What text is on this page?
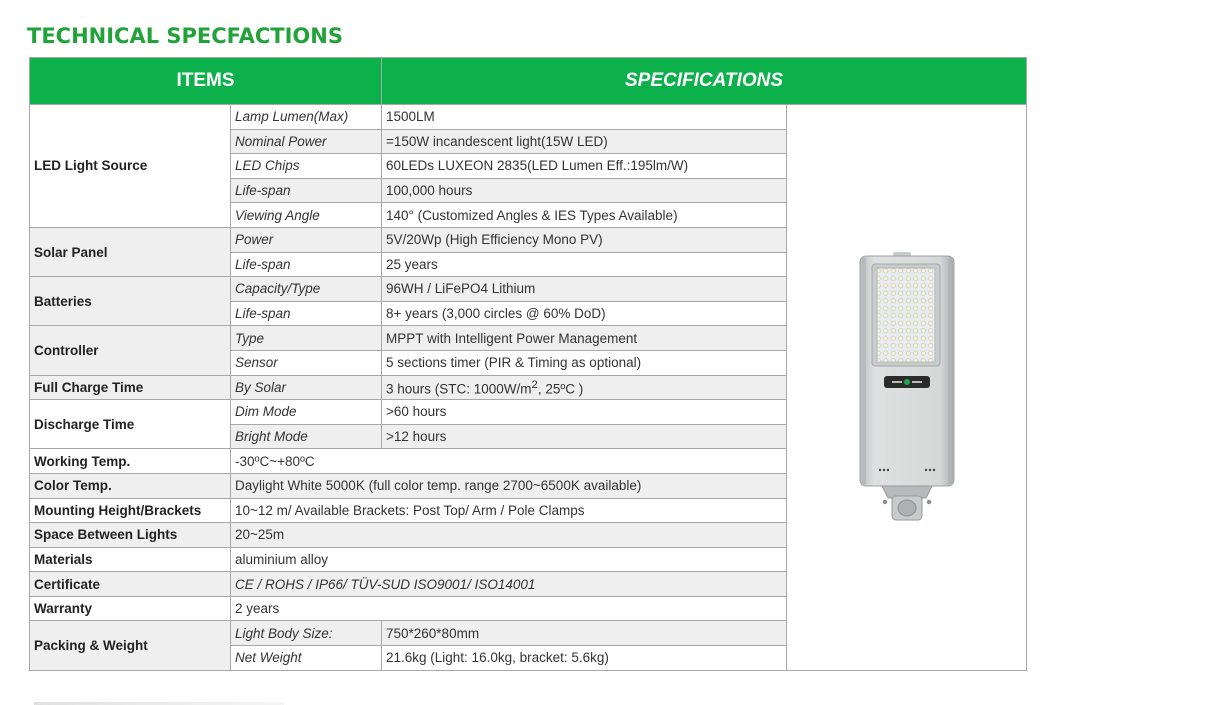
TECHNICAL SPECFACTIONS
ITEMS		SPECIFICATIONS	
LED Light Source	Lamp Lumen(Max)	1500LM	

	Nominal Power	=150W incandescent light(15W LED)	
	LED Chips	60LEDs LUXEON 2835(LED Lumen Eff.:195lm/W)	
	Life-span	100,000 hours	
	Viewing Angle	140° (Customized Angles & IES Types Available)	
Solar Panel	Power	5V/20Wp (High Efficiency Mono PV)	
	Life-span	25 years	
Batteries	Capacity/Type	96WH / LiFePO4 Lithium	
	Life-span	8+ years (3,000 circles @ 60% DoD)	
Controller	Type	MPPT with Intelligent Power Management	
	Sensor	5 sections timer (PIR & Timing as optional)	
Full Charge Time	By Solar	3 hours (STC: $1000W/m^2$, 25ºC )	
Discharge Time	Dim Mode	>60 hours	
	Bright Mode	>12 hours	
Working Temp.	-30ºC~+80ºC		
Color Temp.	Daylight White 5000K (full color temp. range 2700~6500K available)		
Mounting Height/Brackets	10~12 m/ Available Brackets: Post Top/ Arm / Pole Clamps		
Space Between Lights	20~25m		
Materials	aluminium alloy		
Certificate	CE / ROHS / IP66/ TÜV-SUD ISO9001/ ISO14001		
Warranty	2 years		
Packing & Weight	Light Body Size:	750*260*80mm	
	Net Weight	21.6kg (Light: 16.0kg, bracket: 5.6kg)	
